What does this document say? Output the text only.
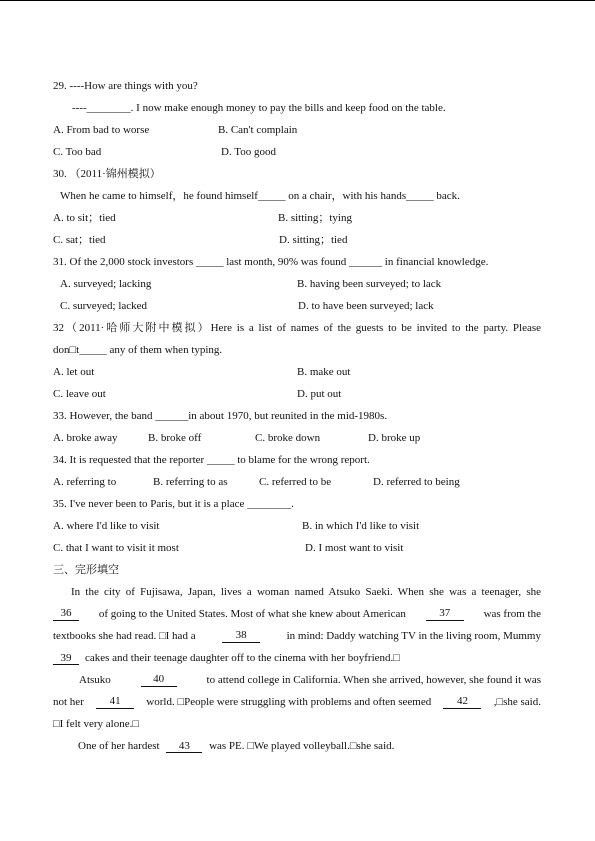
29. ----How are things with you?
----________. I now make enough money to pay the bills and keep food on the table.
A. From bad to worse	B. Can't complain
C. Too bad	D. Too good
30. （2011·锦州模拟）
When he came to himself，he found himself_____ on a chair，with his hands_____ back.
A. to sit；tied	B. sitting；tying
C. sat；tied	D. sitting；tied
31. Of the 2,000 stock investors _____ last month, 90% was found ______ in financial knowledge.
A. surveyed; lacking	B. having been surveyed; to lack
C. surveyed; lacked	D. to have been surveyed; lack
32（2011·哈师大附中模拟）Here is a list of names of the guests to be invited to the party. Please
don□t_____ any of them when typing.
A. let out	B. make out
C. leave out	D. put out
33. However, the band ______in about 1970, but reunited in the mid-1980s.
A. broke away	B. broke off	C. broke down	D. broke up
34. It is requested that the reporter _____ to blame for the wrong report.
A. referring to	B. referring to as	C. referred to be	D. referred to being
35. I've never been to Paris, but it is a place ________.
A. where I'd like to visit	B. in which I'd like to visit
C. that I want to visit it most	D. I most want to visit
三、完形填空
In the city of Fujisawa, Japan, lives a woman named Atsuko Saeki. When she was a teenager, she
36	of going to the United States. Most of what she knew about American	37	was from the
textbooks she had read. □I had a	38	in mind: Daddy watching TV in the living room, Mummy
39 cakes and their teenage daughter off to the cinema with her boyfriend.□
Atsuko	40	to attend college in California. When she arrived, however, she found it was
not her	41	world. □People were struggling with problems and often seemed	42	,□she said.
□I felt very alone.□
One of her hardest 43 was PE. □We played volleyball.□she said.
